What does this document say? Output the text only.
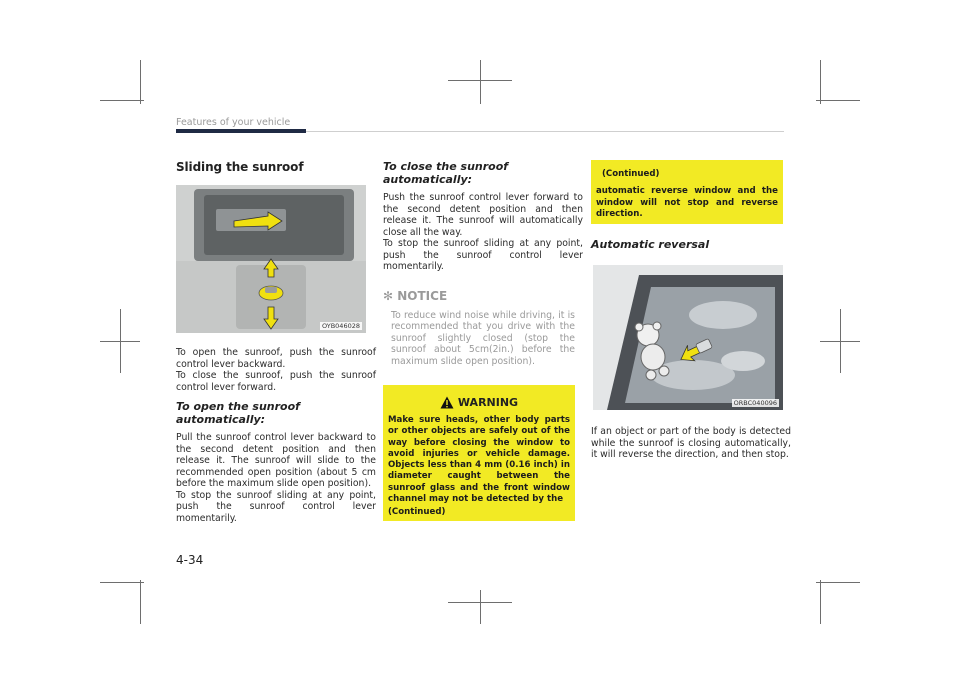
Features of your vehicle

Sliding the sunroof

OYB046028

To open the sunroof, push the sunroof control lever backward.

To close the sunroof, push the sunroof control lever forward.

To open the sunroof automatically:

Pull the sunroof control lever backward to the second detent position and then release it. The sunroof will slide to the recommended open position (about 5 cm before the maximum slide open position).

To stop the sunroof sliding at any point, push the sunroof control lever momentarily.

To close the sunroof automatically:

Push the sunroof control lever forward to the second detent position and then release it. The sunroof will automatically close all the way.

To stop the sunroof sliding at any point, push the sunroof control lever momentarily.

✻ NOTICE

To reduce wind noise while driving, it is recommended that you drive with the sunroof slightly closed (stop the sunroof about 5cm(2in.) before the maximum slide open position).

WARNING

Make sure heads, other body parts or other objects are safely out of the way before closing the window to avoid injuries or vehicle damage. Objects less than 4 mm (0.16 inch) in diameter caught between the sunroof glass and the front window channel may not be detected by the

(Continued)

(Continued)

automatic reverse window and the window will not stop and reverse direction.

Automatic reversal

ORBC040096

If an object or part of the body is detected while the sunroof is closing automatically, it will reverse the direction, and then stop.

4-34
